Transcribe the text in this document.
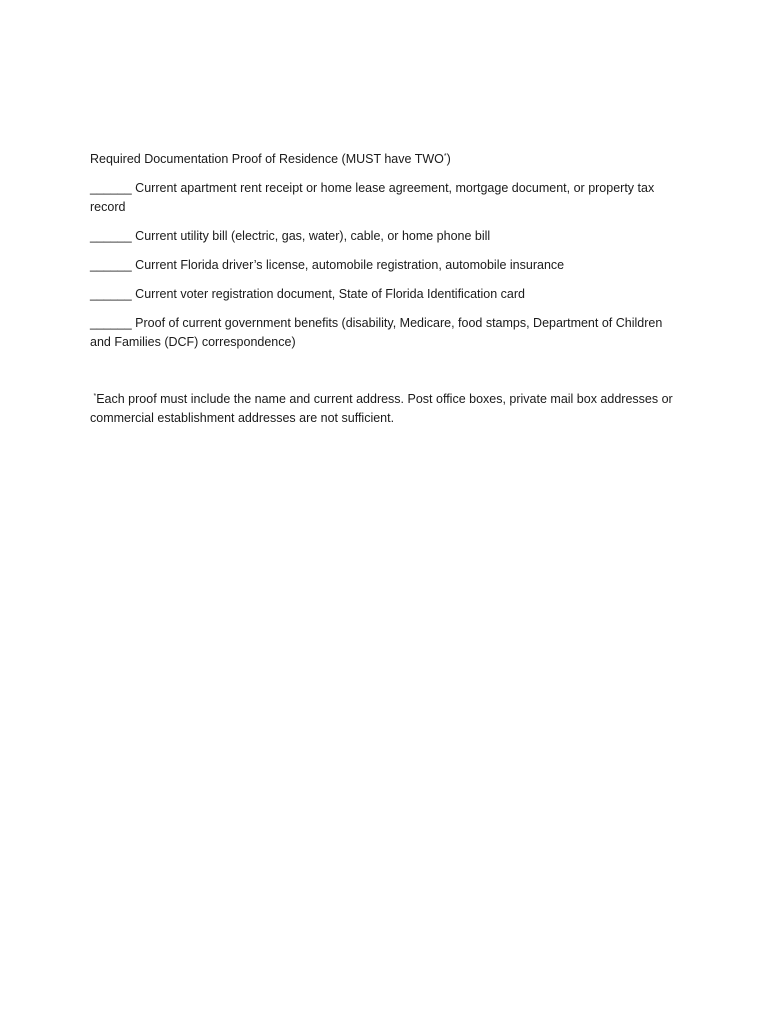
Required Documentation Proof of Residence (MUST have TWO*)
______ Current apartment rent receipt or home lease agreement, mortgage document, or property tax record
______ Current utility bill (electric, gas, water), cable, or home phone bill
______ Current Florida driver’s license, automobile registration, automobile insurance
______ Current voter registration document, State of Florida Identification card
______ Proof of current government benefits (disability, Medicare, food stamps, Department of Children and Families (DCF) correspondence)
*Each proof must include the name and current address. Post office boxes, private mail box addresses or commercial establishment addresses are not sufficient.
